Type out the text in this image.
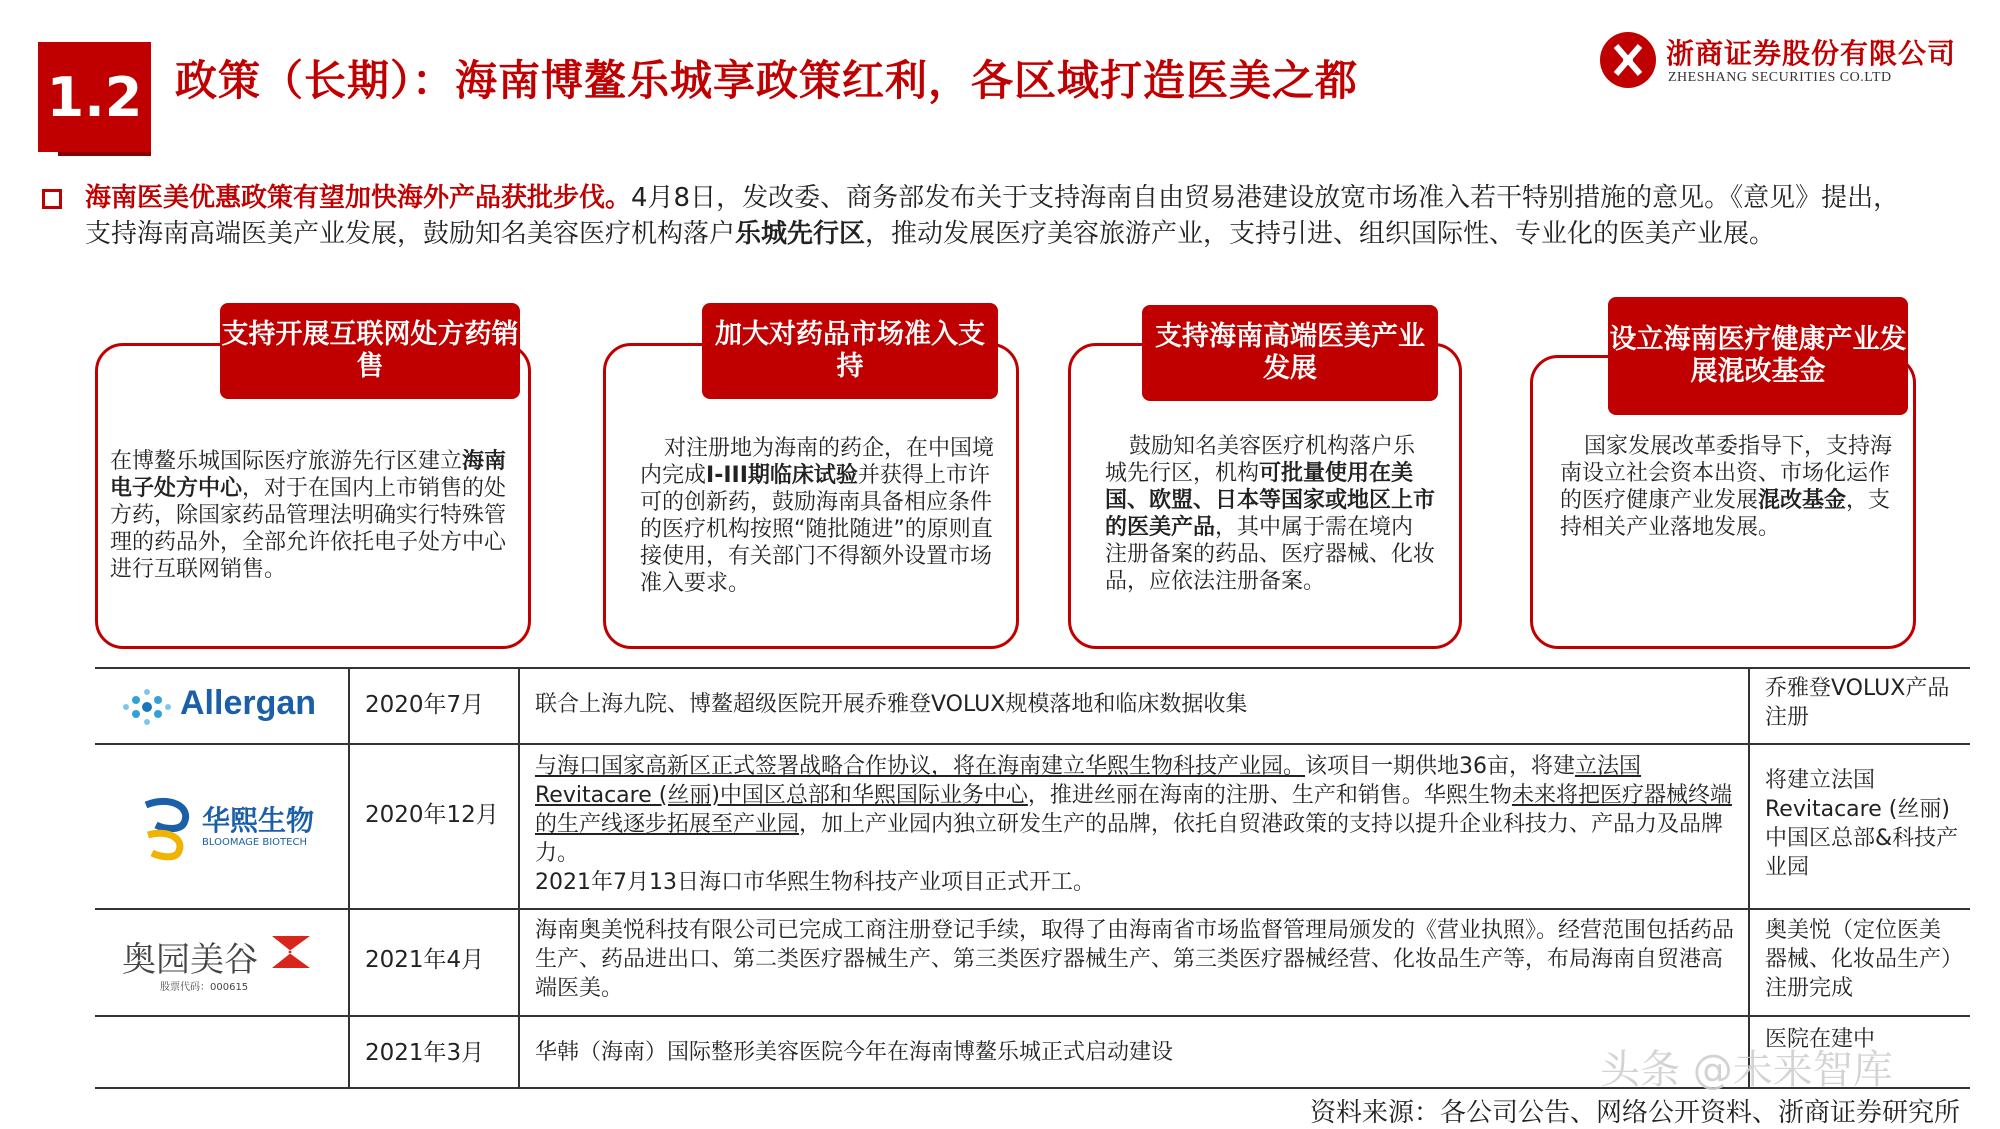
1.2 政策（长期）：海南博鳌乐城享政策红利，各区域打造医美之都
浙商证券股份有限公司
ZHESHANG SECURITIES CO.LTD
海南医美优惠政策有望加快海外产品获批步伐。4月8日，发改委、商务部发布关于支持海南自由贸易港建设放宽市场准入若干特别措施的意见。《意见》提出，支持海南高端医美产业发展，鼓励知名美容医疗机构落户乐城先行区，推动发展医疗美容旅游产业，支持引进、组织国际性、专业化的医美产业展。
支持开展互联网处方药销售
在博鳌乐城国际医疗旅游先行区建立海南电子处方中心，对于在国内上市销售的处方药，除国家药品管理法明确实行特殊管理的药品外，全部允许依托电子处方中心进行互联网销售。
加大对药品市场准入支持
对注册地为海南的药企，在中国境内完成I-III期临床试验并获得上市许可的创新药，鼓励海南具备相应条件的医疗机构按照“随批随进”的原则直接使用，有关部门不得额外设置市场准入要求。
支持海南高端医美产业发展
鼓励知名美容医疗机构落户乐城先行区，机构可批量使用在美国、欧盟、日本等国家或地区上市的医美产品，其中属于需在境内注册备案的药品、医疗器械、化妆品，应依法注册备案。
设立海南医疗健康产业发展混改基金
国家发展改革委指导下，支持海南设立社会资本出资、市场化运作的医疗健康产业发展混改基金，支持相关产业落地发展。
Allergan 2020年7月 联合上海九院、博鳌超级医院开展乔雅登VOLUX规模落地和临床数据收集
乔雅登VOLUX产品注册
华熙生物
BLOOMAGE BIOTECH
2020年12月
与海口国家高新区正式签署战略合作协议，将在海南建立华熙生物科技产业园。该项目一期供地36亩，将建立法国Revitacare (丝丽)中国区总部和华熙国际业务中心，推进丝丽在海南的注册、生产和销售。华熙生物未来将把医疗器械终端的生产线逐步拓展至产业园，加上产业园内独立研发生产的品牌，依托自贸港政策的支持以提升企业科技力、产品力及品牌力。
2021年7月13日海口市华熙生物科技产业项目正式开工。
将建立法国Revitacare (丝丽)中国区总部&科技产业园
奥园美谷
股票代码：000615
2021年4月
海南奥美悦科技有限公司已完成工商注册登记手续，取得了由海南省市场监督管理局颁发的《营业执照》。经营范围包括药品生产、药品进出口、第二类医疗器械生产、第三类医疗器械生产、第三类医疗器械经营、化妆品生产等，布局海南自贸港高端医美。
奥美悦（定位医美器械、化妆品生产）注册完成
2021年3月 华韩（海南）国际整形美容医院今年在海南博鳌乐城正式启动建设
医院在建中
头条 @未来智库
资料来源：各公司公告、网络公开资料、浙商证券研究所
